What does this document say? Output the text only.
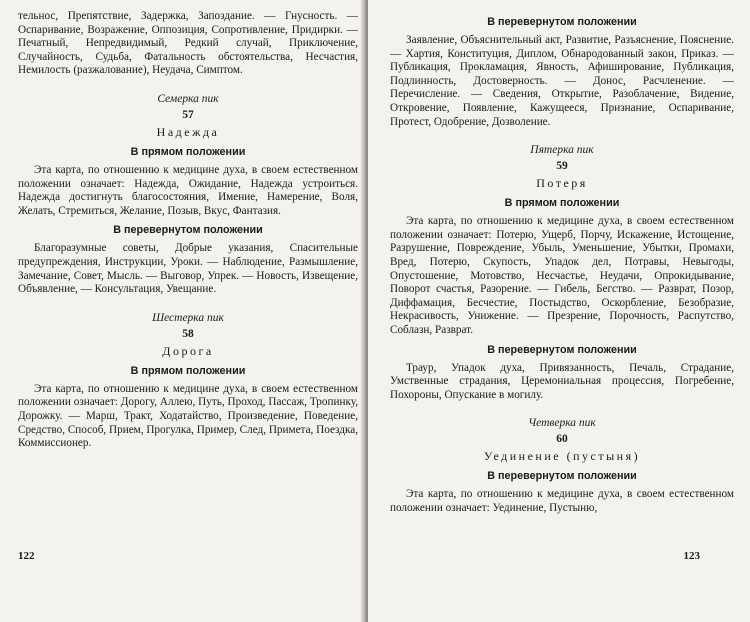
тельнос, Препятствие, Задержка, Запоздание. — Гнусность. — Оспаривание, Возражение, Оппозиция, Сопротивление, Придирки. — Печатный, Непредвидимый, Редкий случай, Приключение, Случайность, Судьба, Фатальность обстоятельства, Несчастия, Немилость (разжалование), Неудача, Симптом.

Семерка пик
57
Надежда
В прямом положении

Эта карта, по отношению к медицине духа, в своем естественном положении означает: Надежда, Ожидание, Надежда устроиться. Надежда достигнуть благосостояния, Имение, Намерение, Воля, Желать, Стремиться, Желание, Позыв, Вкус, Фантазия.

В перевернутом положении

Благоразумные советы, Добрые указания, Спасительные предупреждения, Инструкции, Уроки. — Наблюдение, Размышление, Замечание, Совет, Мысль. — Выговор, Упрек. — Новость, Извещение, Объявление, — Консультация, Увещание.

Шестерка пик
58
Дорога
В прямом положении

Эта карта, по отношению к медицине духа, в своем естественном положении означает: Дорогу, Аллею, Путь, Проход, Пассаж, Тропинку, Дорожку. — Марш, Тракт, Ходатайство, Произведение, Поведение, Средство, Способ, Прием, Прогулка, Пример, След, Примета, Поездка, Коммиссионер.

122
В перевернутом положении

Заявление, Объяснительный акт, Развитие, Разъяснение, Пояснение. — Хартия, Конституция, Диплом, Обнародованный закон, Приказ. — Публикация, Прокламация, Явность, Афиширование, Публикация, Подлинность, Достоверность. — Донос, Расчленение. — Перечисление. — Сведения, Открытие, Разоблачение, Видение, Откровение, Появление, Кажущееся, Признание, Оспаривание, Протест, Одобрение, Дозволение.

Пятерка пик
59
Потеря
В прямом положении

Эта карта, по отношению к медицине духа, в своем естественном положении означает: Потерю, Ущерб, Порчу, Искажение, Истощение, Разрушение, Повреждение, Убыль, Уменьшение, Убытки, Промахи, Вред, Потерю, Скупость, Упадок дел, Потравы, Невыгоды, Опустошение, Мотовство, Несчастье, Неудачи, Опрокидывание, Поворот счастья, Разорение. — Гибель, Бегство. — Разврат, Позор, Диффамация, Бесчестие, Постыдство, Оскорбление, Безобразие, Некрасивость, Унижение. — Презрение, Порочность, Распутство, Соблазн, Разврат.

В перевернутом положении

Траур, Упадок духа, Привязанность, Печаль, Страдание, Умственные страдания, Церемониальная процессия, Погребение, Похороны, Опускание в могилу.

Четверка пик
60
Уединение (пустыня)
В перевернутом положении

Эта карта, по отношению к медицине духа, в своем естественном положении означает: Уединение, Пустыню,

123
